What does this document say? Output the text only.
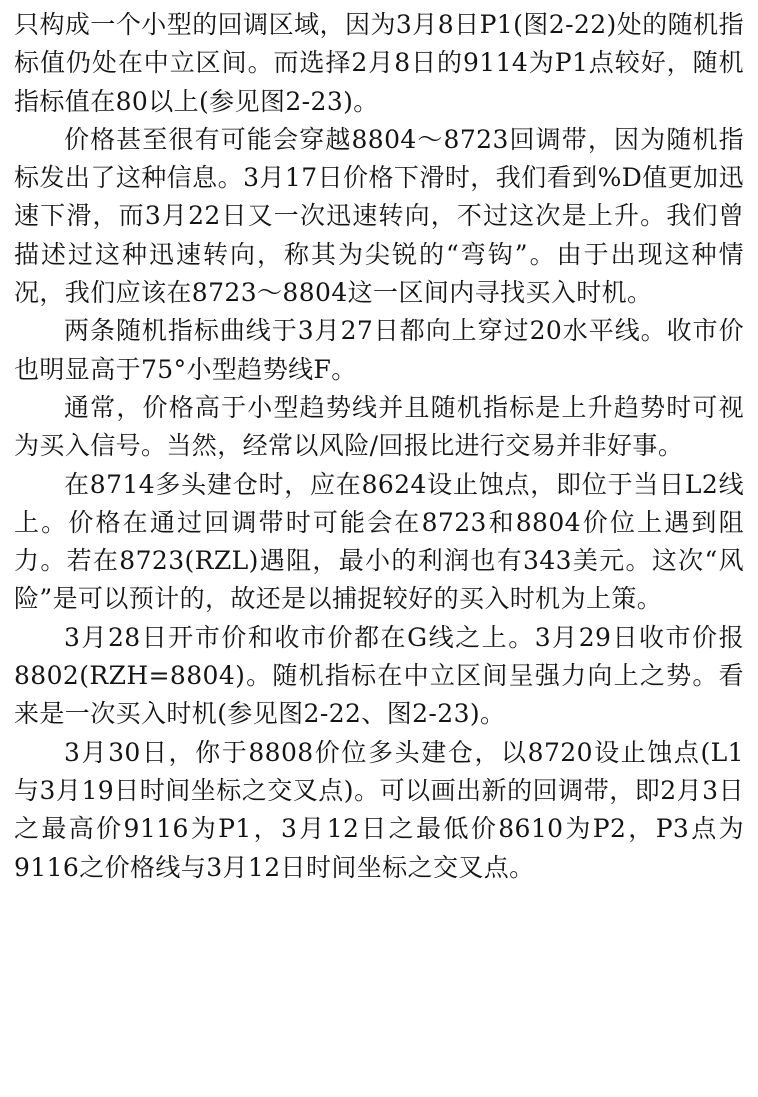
只构成一个小型的回调区域，因为3月8日P1(图2-22)处的随机指标值仍处在中立区间。而选择2月8日的9114为P1点较好，随机指标值在80以上(参见图2-23)。

价格甚至很有可能会穿越8804～8723回调带，因为随机指标发出了这种信息。3月17日价格下滑时，我们看到%D值更加迅速下滑，而3月22日又一次迅速转向，不过这次是上升。我们曾描述过这种迅速转向，称其为尖锐的“弯钩”。由于出现这种情况，我们应该在8723～8804这一区间内寻找买入时机。

两条随机指标曲线于3月27日都向上穿过20水平线。收市价也明显高于75°小型趋势线F。

通常，价格高于小型趋势线并且随机指标是上升趋势时可视为买入信号。当然，经常以风险/回报比进行交易并非好事。

在8714多头建仓时，应在8624设止蚀点，即位于当日L2线上。价格在通过回调带时可能会在8723和8804价位上遇到阻力。若在8723(RZL)遇阻，最小的利润也有343美元。这次“风险”是可以预计的，故还是以捕捉较好的买入时机为上策。

3月28日开市价和收市价都在G线之上。3月29日收市价报8802(RZH=8804)。随机指标在中立区间呈强力向上之势。看来是一次买入时机(参见图2-22、图2-23)。

3月30日，你于8808价位多头建仓，以8720设止蚀点(L1与3月19日时间坐标之交叉点)。可以画出新的回调带，即2月3日之最高价9116为P1，3月12日之最低价8610为P2，P3点为9116之价格线与3月12日时间坐标之交叉点。
